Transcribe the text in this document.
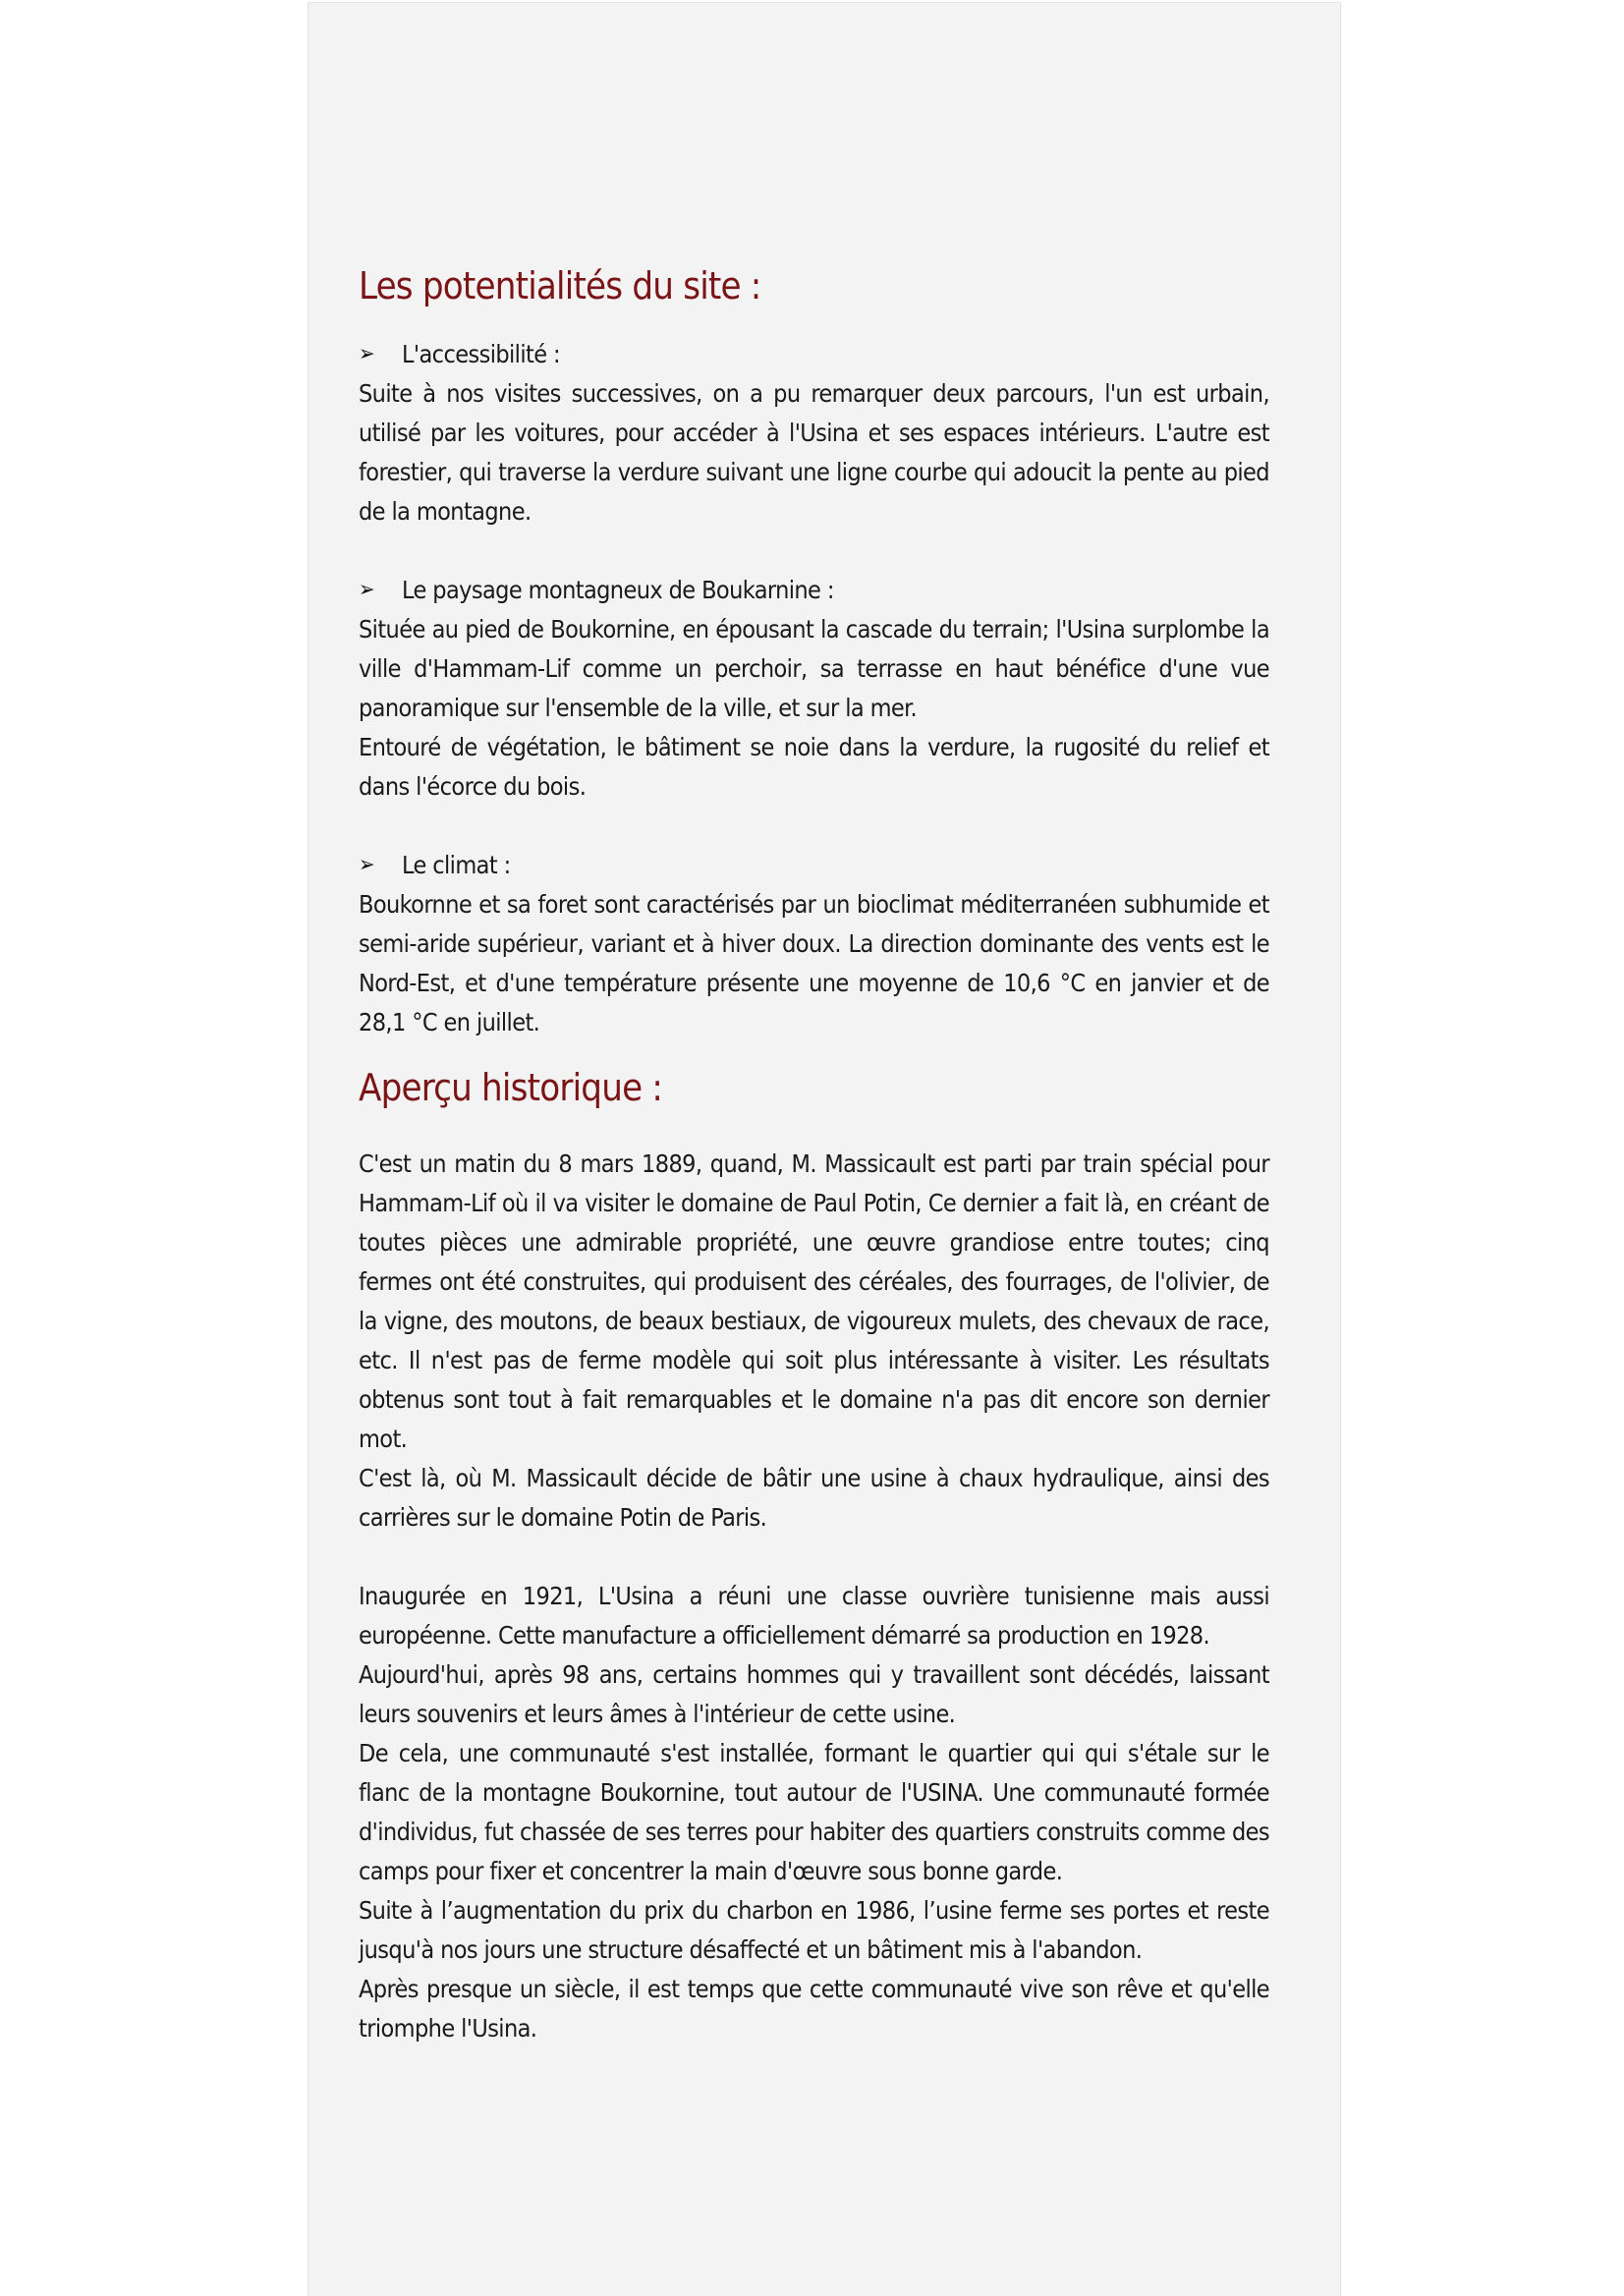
Les potentialités du site :
➢	L'accessibilité :

Suite à nos visites successives, on a pu remarquer deux parcours, l'un est urbain, utilisé par les voitures, pour accéder à l'Usina et ses espaces intérieurs. L'autre est forestier, qui traverse la verdure suivant une ligne courbe qui adoucit la pente au pied de la montagne.

➢	Le paysage montagneux de Boukarnine :

Située au pied de Boukornine, en épousant la cascade du terrain; l'Usina surplombe la ville d'Hammam-Lif comme un perchoir, sa terrasse en haut bénéfice d'une vue panoramique sur l'ensemble de la ville, et sur la mer.

Entouré de végétation, le bâtiment se noie dans la verdure, la rugosité du relief et dans l'écorce du bois.

➢	Le climat :

Boukornne et sa foret sont caractérisés par un bioclimat méditerranéen subhumide et semi-aride supérieur, variant et à hiver doux. La direction dominante des vents est le Nord-Est, et d'une température présente une moyenne de 10,6 °C en janvier et de 28,1 °C en juillet.

Aperçu historique :

C'est un matin du 8 mars 1889, quand, M. Massicault est parti par train spécial pour Hammam-Lif où il va visiter le domaine de Paul Potin, Ce dernier a fait là, en créant de toutes pièces une admirable propriété, une œuvre grandiose entre toutes; cinq fermes ont été construites, qui produisent des céréales, des fourrages, de l'olivier, de la vigne, des moutons, de beaux bestiaux, de vigoureux mulets, des chevaux de race, etc. Il n'est pas de ferme modèle qui soit plus intéressante à visiter. Les résultats obtenus sont tout à fait remarquables et le domaine n'a pas dit encore son dernier mot.

C'est là, où M. Massicault décide de bâtir une usine à chaux hydraulique, ainsi des carrières sur le domaine Potin de Paris.

Inaugurée en 1921, L'Usina a réuni une classe ouvrière tunisienne mais aussi européenne. Cette manufacture a officiellement démarré sa production en 1928.

Aujourd'hui, après 98 ans, certains hommes qui y travaillent sont décédés, laissant leurs souvenirs et leurs âmes à l'intérieur de cette usine.

De cela, une communauté s'est installée, formant le quartier qui qui s'étale sur le flanc de la montagne Boukornine, tout autour de l'USINA. Une communauté formée d'individus, fut chassée de ses terres pour habiter des quartiers construits comme des camps pour fixer et concentrer la main d'œuvre sous bonne garde.

Suite à l’augmentation du prix du charbon en 1986, l’usine ferme ses portes et reste jusqu'à nos jours une structure désaffecté et un bâtiment mis à l'abandon.

Après presque un siècle, il est temps que cette communauté vive son rêve et qu'elle triomphe l'Usina.
